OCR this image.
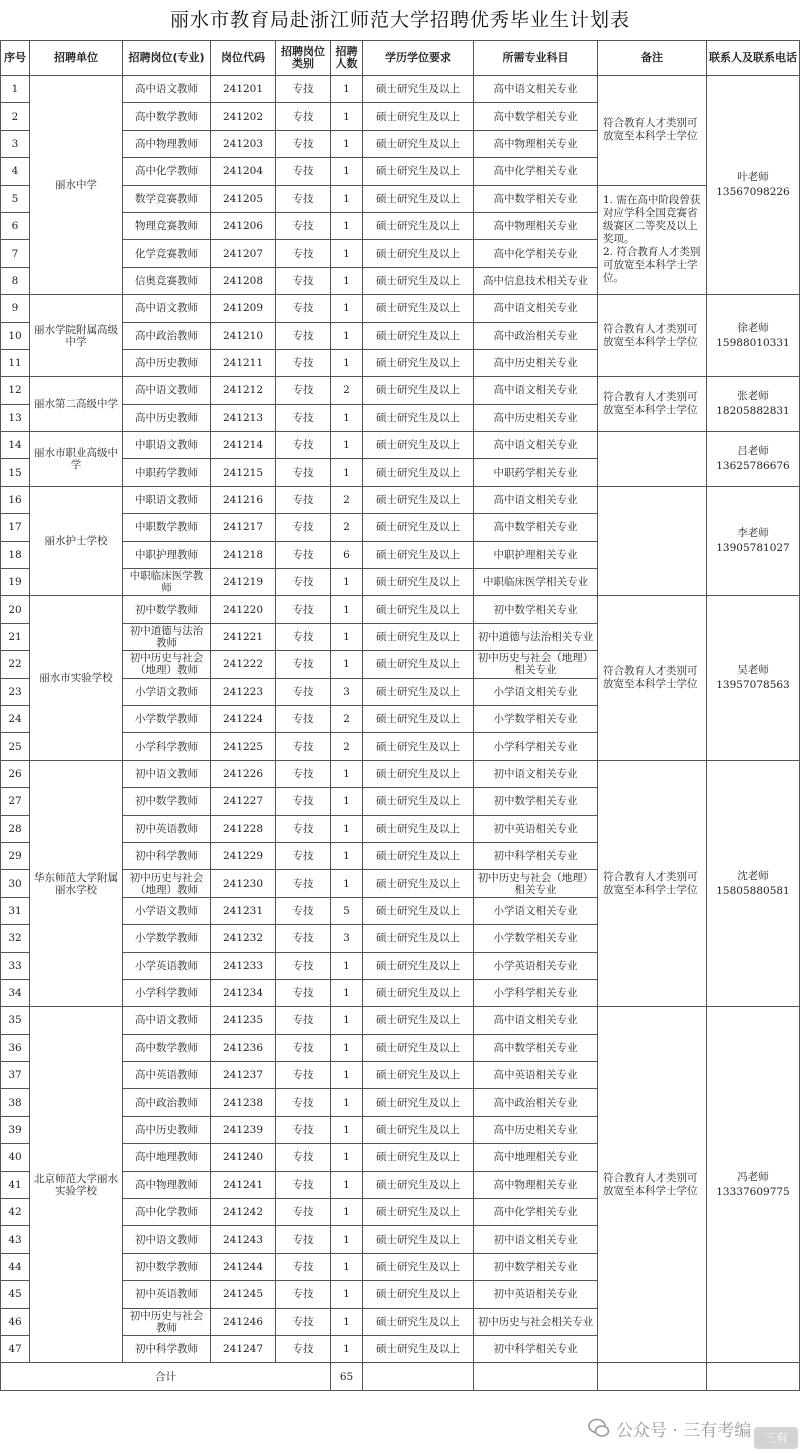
丽水市教育局赴浙江师范大学招聘优秀毕业生计划表
序号	招聘单位	招聘岗位(专业)	岗位代码	招聘岗位类别	招聘人数	学历学位要求	所需专业科目	备注	联系人及联系电话
1	丽水中学	高中语文教师	241201	专技	1	硕士研究生及以上	高中语文相关专业	符合教育人才类别可放宽至本科学士学位	叶老师
13567098226

2		高中数学教师	241202	专技	1	硕士研究生及以上	高中数学相关专业		
3		高中物理教师	241203	专技	1	硕士研究生及以上	高中物理相关专业		
4		高中化学教师	241204	专技	1	硕士研究生及以上	高中化学相关专业		
5		数学竞赛教师	241205	专技	1	硕士研究生及以上	高中数学相关专业	1. 需在高中阶段曾获对应学科全国竞赛省级赛区二等奖及以上奖项。
2. 符合教育人才类别可放宽至本科学士学位。	

6		物理竞赛教师	241206	专技	1	硕士研究生及以上	高中物理相关专业		
7		化学竞赛教师	241207	专技	1	硕士研究生及以上	高中化学相关专业		
8		信奥竞赛教师	241208	专技	1	硕士研究生及以上	高中信息技术相关专业		
9	丽水学院附属高级中学	高中语文教师	241209	专技	1	硕士研究生及以上	高中语文相关专业	符合教育人才类别可放宽至本科学士学位	徐老师
15988010331

10		高中政治教师	241210	专技	1	硕士研究生及以上	高中政治相关专业		
11		高中历史教师	241211	专技	1	硕士研究生及以上	高中历史相关专业		
12	丽水第二高级中学	高中语文教师	241212	专技	2	硕士研究生及以上	高中语文相关专业	符合教育人才类别可放宽至本科学士学位	张老师
18205882831

13		高中历史教师	241213	专技	1	硕士研究生及以上	高中历史相关专业		
14	丽水市职业高级中学	中职语文教师	241214	专技	1	硕士研究生及以上	高中语文相关专业		吕老师
13625786676

15		中职药学教师	241215	专技	1	硕士研究生及以上	中职药学相关专业		
16	丽水护士学校	中职语文教师	241216	专技	2	硕士研究生及以上	高中语文相关专业		李老师
13905781027

17		中职数学教师	241217	专技	2	硕士研究生及以上	高中数学相关专业		
18		中职护理教师	241218	专技	6	硕士研究生及以上	中职护理相关专业		
19		中职临床医学教师	241219	专技	1	硕士研究生及以上	中职临床医学相关专业		
20	丽水市实验学校	初中数学教师	241220	专技	1	硕士研究生及以上	初中数学相关专业	符合教育人才类别可放宽至本科学士学位	吴老师
13957078563

21		初中道德与法治教师	241221	专技	1	硕士研究生及以上	初中道德与法治相关专业		
22		初中历史与社会（地理）教师	241222	专技	1	硕士研究生及以上	初中历史与社会（地理）相关专业		
23		小学语文教师	241223	专技	3	硕士研究生及以上	小学语文相关专业		
24		小学数学教师	241224	专技	2	硕士研究生及以上	小学数学相关专业		
25		小学科学教师	241225	专技	2	硕士研究生及以上	小学科学相关专业		
26	华东师范大学附属丽水学校	初中语文教师	241226	专技	1	硕士研究生及以上	初中语文相关专业	符合教育人才类别可放宽至本科学士学位	沈老师
15805880581

27		初中数学教师	241227	专技	1	硕士研究生及以上	初中数学相关专业		
28		初中英语教师	241228	专技	1	硕士研究生及以上	初中英语相关专业		
29		初中科学教师	241229	专技	1	硕士研究生及以上	初中科学相关专业		
30		初中历史与社会（地理）教师	241230	专技	1	硕士研究生及以上	初中历史与社会（地理）相关专业		
31		小学语文教师	241231	专技	5	硕士研究生及以上	小学语文相关专业		
32		小学数学教师	241232	专技	3	硕士研究生及以上	小学数学相关专业		
33		小学英语教师	241233	专技	1	硕士研究生及以上	小学英语相关专业		
34		小学科学教师	241234	专技	1	硕士研究生及以上	小学科学相关专业		
35	北京师范大学丽水实验学校	高中语文教师	241235	专技	1	硕士研究生及以上	高中语文相关专业	符合教育人才类别可放宽至本科学士学位	冯老师
13337609775

36		高中数学教师	241236	专技	1	硕士研究生及以上	高中数学相关专业		
37		高中英语教师	241237	专技	1	硕士研究生及以上	高中英语相关专业		
38		高中政治教师	241238	专技	1	硕士研究生及以上	高中政治相关专业		
39		高中历史教师	241239	专技	1	硕士研究生及以上	高中历史相关专业		
40		高中地理教师	241240	专技	1	硕士研究生及以上	高中地理相关专业		
41		高中物理教师	241241	专技	1	硕士研究生及以上	高中物理相关专业		
42		高中化学教师	241242	专技	1	硕士研究生及以上	高中化学相关专业		
43		初中语文教师	241243	专技	1	硕士研究生及以上	初中语文相关专业		
44		初中数学教师	241244	专技	1	硕士研究生及以上	初中数学相关专业		
45		初中英语教师	241245	专技	1	硕士研究生及以上	初中英语相关专业		
46		初中历史与社会教师	241246	专技	1	硕士研究生及以上	初中历史与社会相关专业		
47		初中科学教师	241247	专技	1	硕士研究生及以上	初中科学相关专业		
合计					65				
公众号 · 三有考编	三有
